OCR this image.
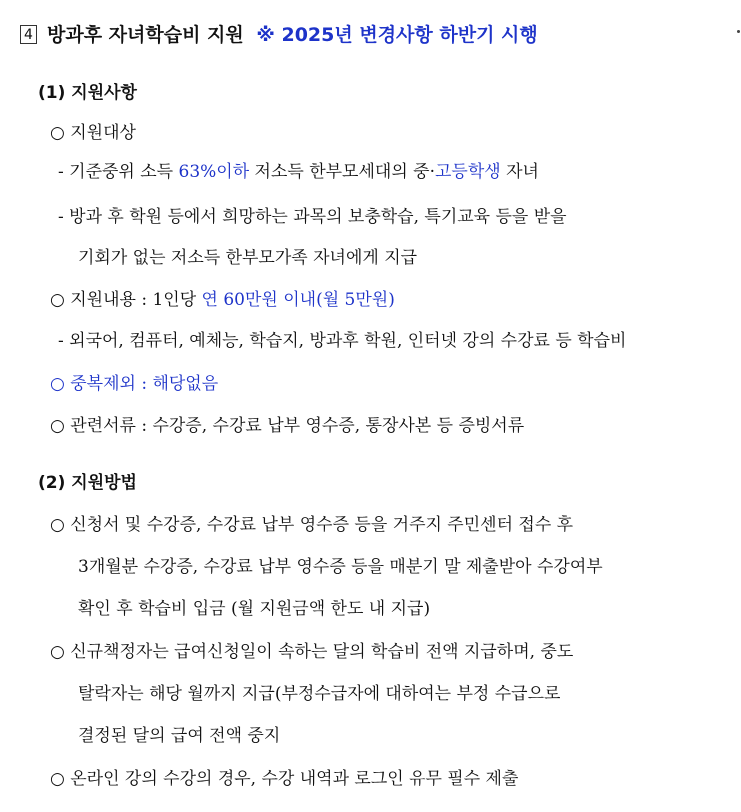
4 방과후 자녀학습비 지원 ※ 2025년 변경사항 하반기 시행
(1) 지원사항
○ 지원대상
- 기준중위 소득 63%이하 저소득 한부모세대의 중·고등학생 자녀
- 방과 후 학원 등에서 희망하는 과목의 보충학습, 특기교육 등을 받을
기회가 없는 저소득 한부모가족 자녀에게 지급
○ 지원내용 : 1인당 연 60만원 이내(월 5만원)
- 외국어, 컴퓨터, 예체능, 학습지, 방과후 학원, 인터넷 강의 수강료 등 학습비
○ 중복제외 : 해당없음
○ 관련서류 : 수강증, 수강료 납부 영수증, 통장사본 등 증빙서류
(2) 지원방법
○ 신청서 및 수강증, 수강료 납부 영수증 등을 거주지 주민센터 접수 후
3개월분 수강증, 수강료 납부 영수증 등을 매분기 말 제출받아 수강여부
확인 후 학습비 입금 (월 지원금액 한도 내 지급)
○ 신규책정자는 급여신청일이 속하는 달의 학습비 전액 지급하며, 중도
탈락자는 해당 월까지 지급(부정수급자에 대하여는 부정 수급으로
결정된 달의 급여 전액 중지
○ 온라인 강의 수강의 경우, 수강 내역과 로그인 유무 필수 제출
